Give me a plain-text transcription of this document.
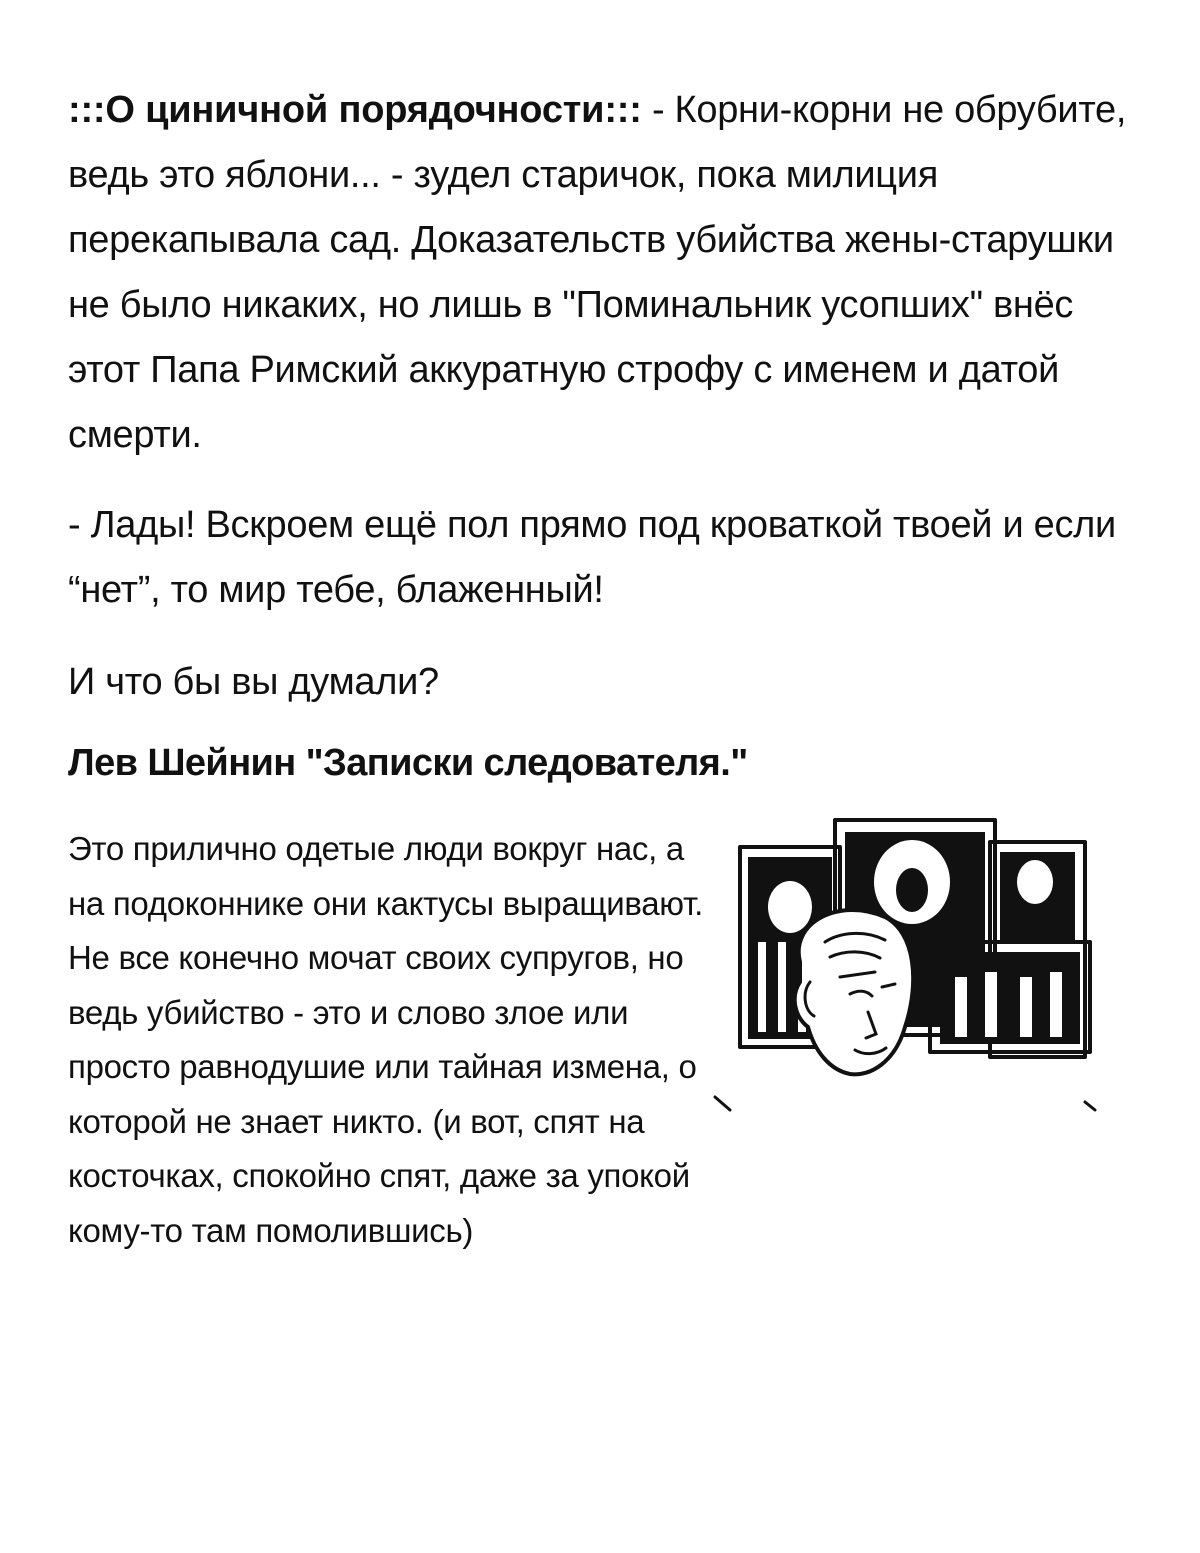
:::О циничной порядочности::: - Корни-корни не обрубите, ведь это яблони... - зудел старичок, пока милиция перекапывала сад. Доказательств убийства жены-старушки не было никаких, но лишь в "Поминальник усопших" внёс этот Папа Римский аккуратную строфу с именем и датой смерти.

- Лады! Вскроем ещё пол прямо под кроваткой твоей и если “нет”, то мир тебе, блаженный!

И что бы вы думали?

Лев Шейнин "Записки следователя."

Это прилично одетые люди вокруг нас, а на подоконнике они кактусы выращивают. Не все конечно мочат своих супругов, но ведь убийство - это и слово злое или просто равнодушие или тайная измена, о которой не знает никто. (и вот, спят на косточках, спокойно спят, даже за упокой кому-то там помолившись)
